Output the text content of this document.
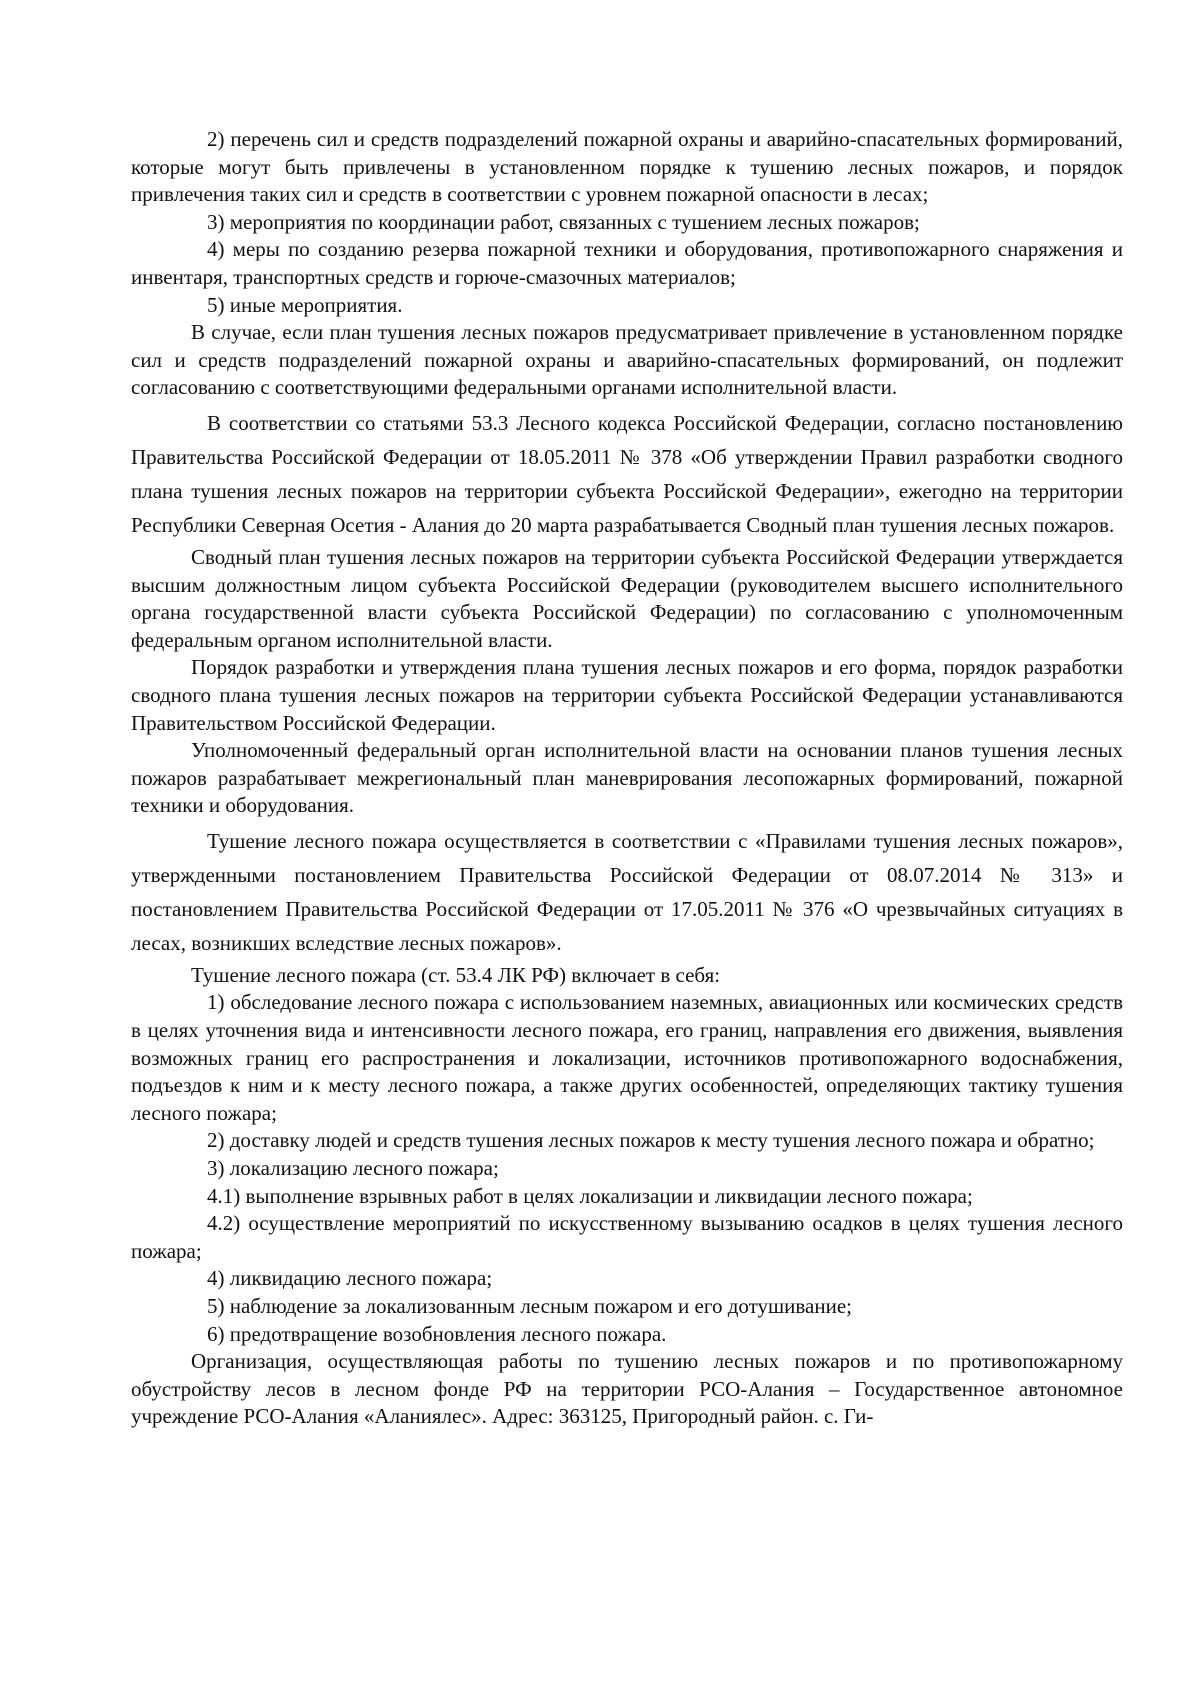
2) перечень сил и средств подразделений пожарной охраны и аварийно-спасательных формирований, которые могут быть привлечены в установленном порядке к тушению лесных пожаров, и порядок привлечения таких сил и средств в соответствии с уровнем пожарной опасности в лесах;

3) мероприятия по координации работ, связанных с тушением лесных пожаров;

4) меры по созданию резерва пожарной техники и оборудования, противопожарного снаряжения и инвентаря, транспортных средств и горюче-смазочных материалов;

5) иные мероприятия.

В случае, если план тушения лесных пожаров предусматривает привлечение в установленном порядке сил и средств подразделений пожарной охраны и аварийно-спасательных формирований, он подлежит согласованию с соответствующими федеральными органами исполнительной власти.

В соответствии со статьями 53.3 Лесного кодекса Российской Федерации, согласно постановлению Правительства Российской Федерации от 18.05.2011 № 378 «Об утверждении Правил разработки сводного плана тушения лесных пожаров на территории субъекта Российской Федерации», ежегодно на территории Республики Северная Осетия - Алания до 20 марта разрабатывается Сводный план тушения лесных пожаров.

Сводный план тушения лесных пожаров на территории субъекта Российской Федерации утверждается высшим должностным лицом субъекта Российской Федерации (руководителем высшего исполнительного органа государственной власти субъекта Российской Федерации) по согласованию с уполномоченным федеральным органом исполнительной власти.

Порядок разработки и утверждения плана тушения лесных пожаров и его форма, порядок разработки сводного плана тушения лесных пожаров на территории субъекта Российской Федерации устанавливаются Правительством Российской Федерации.

Уполномоченный федеральный орган исполнительной власти на основании планов тушения лесных пожаров разрабатывает межрегиональный план маневрирования лесопожарных формирований, пожарной техники и оборудования.

Тушение лесного пожара осуществляется в соответствии с «Правилами тушения лесных пожаров», утвержденными постановлением Правительства Российской Федерации от 08.07.2014 № 313» и постановлением Правительства Российской Федерации от 17.05.2011 № 376 «О чрезвычайных ситуациях в лесах, возникших вследствие лесных пожаров».

Тушение лесного пожара (ст. 53.4 ЛК РФ) включает в себя:

1) обследование лесного пожара с использованием наземных, авиационных или космических средств в целях уточнения вида и интенсивности лесного пожара, его границ, направления его движения, выявления возможных границ его распространения и локализации, источников противопожарного водоснабжения, подъездов к ним и к месту лесного пожара, а также других особенностей, определяющих тактику тушения лесного пожара;

2) доставку людей и средств тушения лесных пожаров к месту тушения лесного пожара и обратно;

3) локализацию лесного пожара;

4.1) выполнение взрывных работ в целях локализации и ликвидации лесного пожара;

4.2) осуществление мероприятий по искусственному вызыванию осадков в целях тушения лесного пожара;

4) ликвидацию лесного пожара;

5) наблюдение за локализованным лесным пожаром и его дотушивание;

6) предотвращение возобновления лесного пожара.

Организация, осуществляющая работы по тушению лесных пожаров и по противопожарному обустройству лесов в лесном фонде РФ на территории РСО-Алания – Государственное автономное учреждение РСО-Алания «Аланиялес». Адрес: 363125, Пригородный район. с. Ги-
